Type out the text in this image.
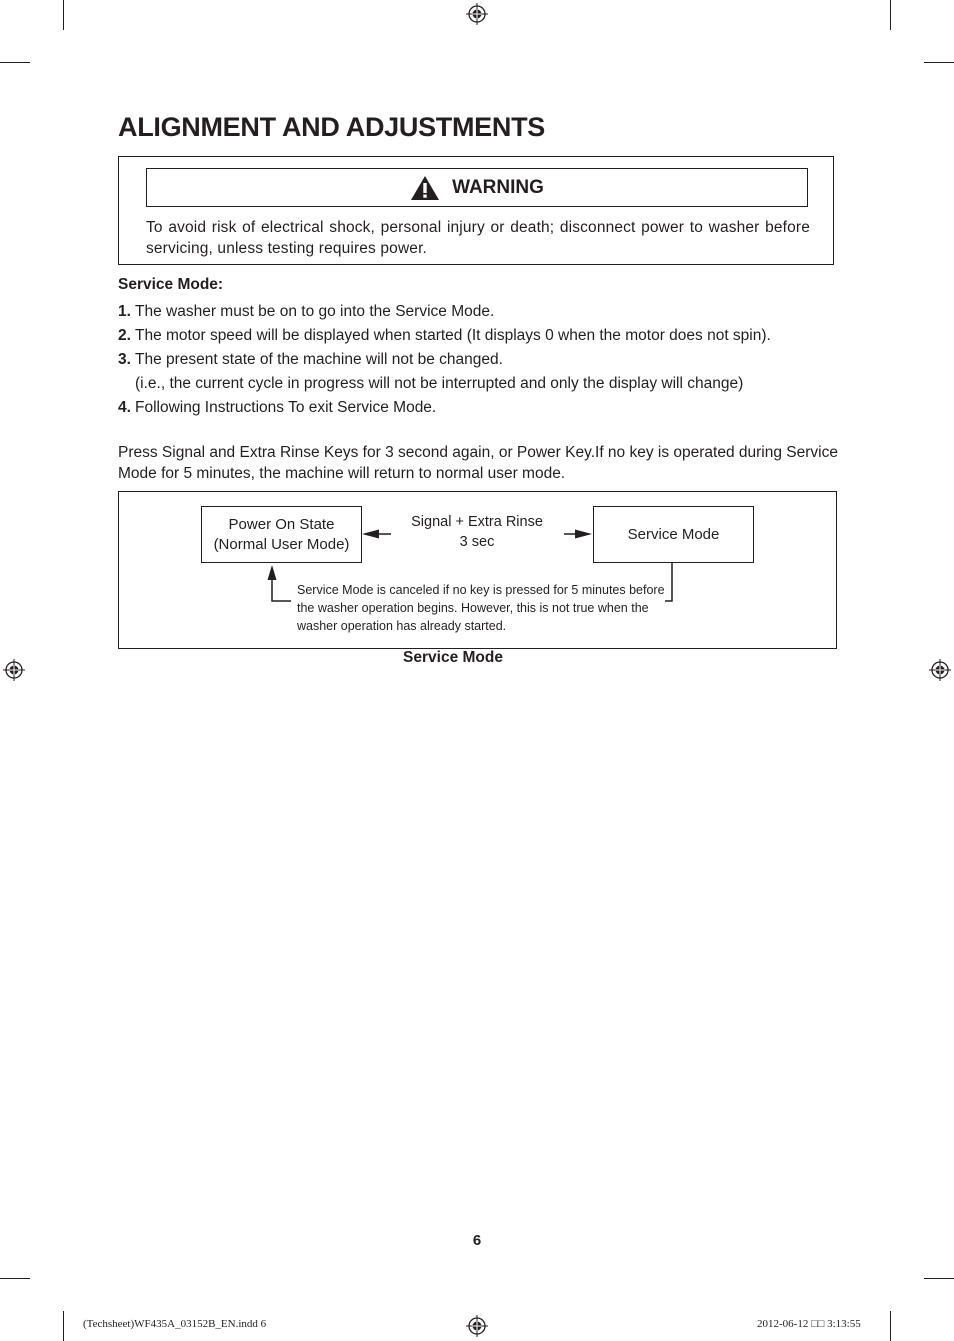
ALIGNMENT AND ADJUSTMENTS
WARNING
To avoid risk of electrical shock, personal injury or death; disconnect power to washer before servicing, unless testing requires power.
Service Mode:
1. The washer must be on to go into the Service Mode.
2. The motor speed will be displayed when started (It displays 0 when the motor does not spin).
3. The present state of the machine will not be changed.
(i.e., the current cycle in progress will not be interrupted and only the display will change)
4. Following Instructions To exit Service Mode.
Press Signal and Extra Rinse Keys for 3 second again, or Power Key.If no key is operated during Service Mode for 5 minutes, the machine will return to normal user mode.
Power On State
(Normal User Mode)
Signal + Extra Rinse
3 sec	Service Mode
Service Mode is canceled if no key is pressed for 5 minutes before the washer operation begins. However, this is not true when the washer operation has already started.
Service Mode
6
(Techsheet)WF435A_03152B_EN.indd 6	2012-06-12 □□ 3:13:55
